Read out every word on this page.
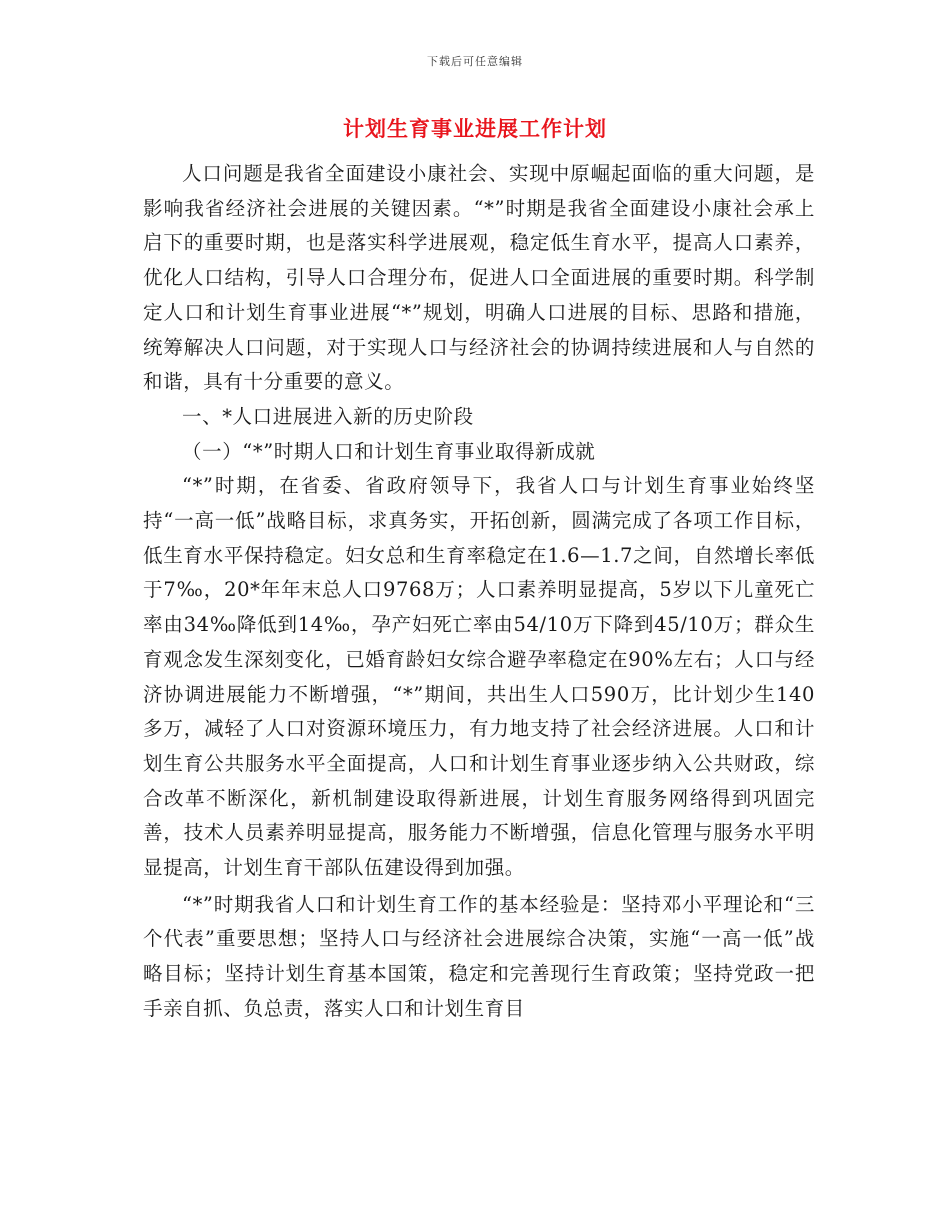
下载后可任意编辑
计划生育事业进展工作计划

人口问题是我省全面建设小康社会、实现中原崛起面临的重大问题，是影响我省经济社会进展的关键因素。“*”时期是我省全面建设小康社会承上启下的重要时期，也是落实科学进展观，稳定低生育水平，提高人口素养，优化人口结构，引导人口合理分布，促进人口全面进展的重要时期。科学制定人口和计划生育事业进展“*”规划，明确人口进展的目标、思路和措施，统筹解决人口问题，对于实现人口与经济社会的协调持续进展和人与自然的和谐，具有十分重要的意义。

一、*人口进展进入新的历史阶段

（一）“*”时期人口和计划生育事业取得新成就

“*”时期，在省委、省政府领导下，我省人口与计划生育事业始终坚持“一高一低”战略目标，求真务实，开拓创新，圆满完成了各项工作目标，低生育水平保持稳定。妇女总和生育率稳定在1.6—1.7之间，自然增长率低于7‰，20*年年末总人口9768万；人口素养明显提高，5岁以下儿童死亡率由34‰降低到14‰，孕产妇死亡率由54/10万下降到45/10万；群众生育观念发生深刻变化，已婚育龄妇女综合避孕率稳定在90%左右；人口与经济协调进展能力不断增强，“*”期间，共出生人口590万，比计划少生140多万，减轻了人口对资源环境压力，有力地支持了社会经济进展。人口和计划生育公共服务水平全面提高，人口和计划生育事业逐步纳入公共财政，综合改革不断深化，新机制建设取得新进展，计划生育服务网络得到巩固完善，技术人员素养明显提高，服务能力不断增强，信息化管理与服务水平明显提高，计划生育干部队伍建设得到加强。

“*”时期我省人口和计划生育工作的基本经验是：坚持邓小平理论和“三个代表”重要思想；坚持人口与经济社会进展综合决策，实施“一高一低”战略目标；坚持计划生育基本国策，稳定和完善现行生育政策；坚持党政一把手亲自抓、负总责，落实人口和计划生育目
